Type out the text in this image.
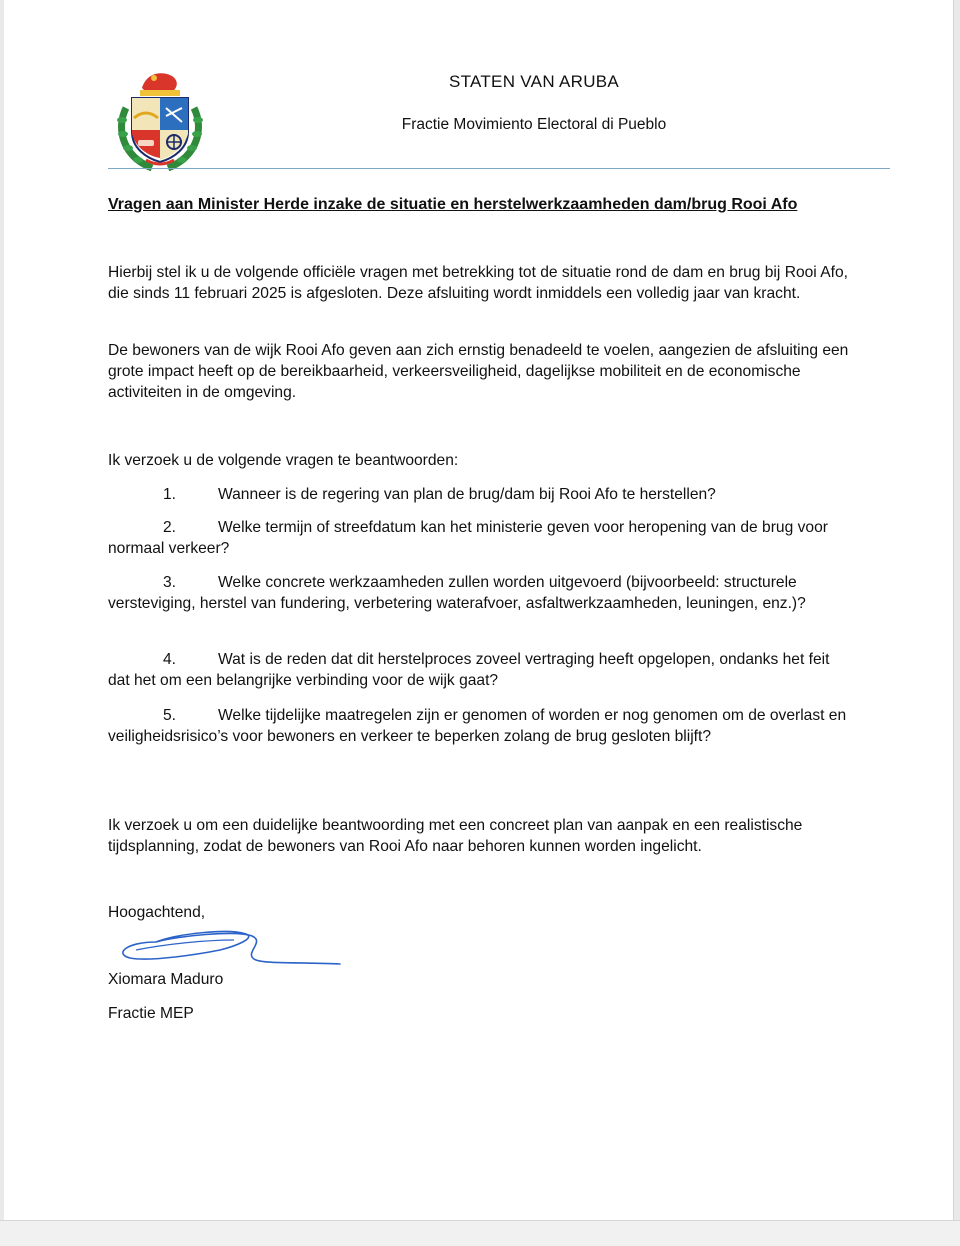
STATEN VAN ARUBA
Fractie Movimiento Electoral di Pueblo
Vragen aan Minister Herde inzake de situatie en herstelwerkzaamheden dam/brug Rooi Afo
Hierbij stel ik u de volgende officiële vragen met betrekking tot de situatie rond de dam en brug bij Rooi Afo, die sinds 11 februari 2025 is afgesloten. Deze afsluiting wordt inmiddels een volledig jaar van kracht.
De bewoners van de wijk Rooi Afo geven aan zich ernstig benadeeld te voelen, aangezien de afsluiting een grote impact heeft op de bereikbaarheid, verkeersveiligheid, dagelijkse mobiliteit en de economische activiteiten in de omgeving.
Ik verzoek u de volgende vragen te beantwoorden:
1.	Wanneer is de regering van plan de brug/dam bij Rooi Afo te herstellen?
2.	Welke termijn of streefdatum kan het ministerie geven voor heropening van de brug voor normaal verkeer?
3.	Welke concrete werkzaamheden zullen worden uitgevoerd (bijvoorbeeld: structurele versteviging, herstel van fundering, verbetering waterafvoer, asfaltwerkzaamheden, leuningen, enz.)?
4.	Wat is de reden dat dit herstelproces zoveel vertraging heeft opgelopen, ondanks het feit dat het om een belangrijke verbinding voor de wijk gaat?
5.	Welke tijdelijke maatregelen zijn er genomen of worden er nog genomen om de overlast en veiligheidsrisico’s voor bewoners en verkeer te beperken zolang de brug gesloten blijft?
Ik verzoek u om een duidelijke beantwoording met een concreet plan van aanpak en een realistische tijdsplanning, zodat de bewoners van Rooi Afo naar behoren kunnen worden ingelicht.
Hoogachtend,
Xiomara Maduro
Fractie MEP
